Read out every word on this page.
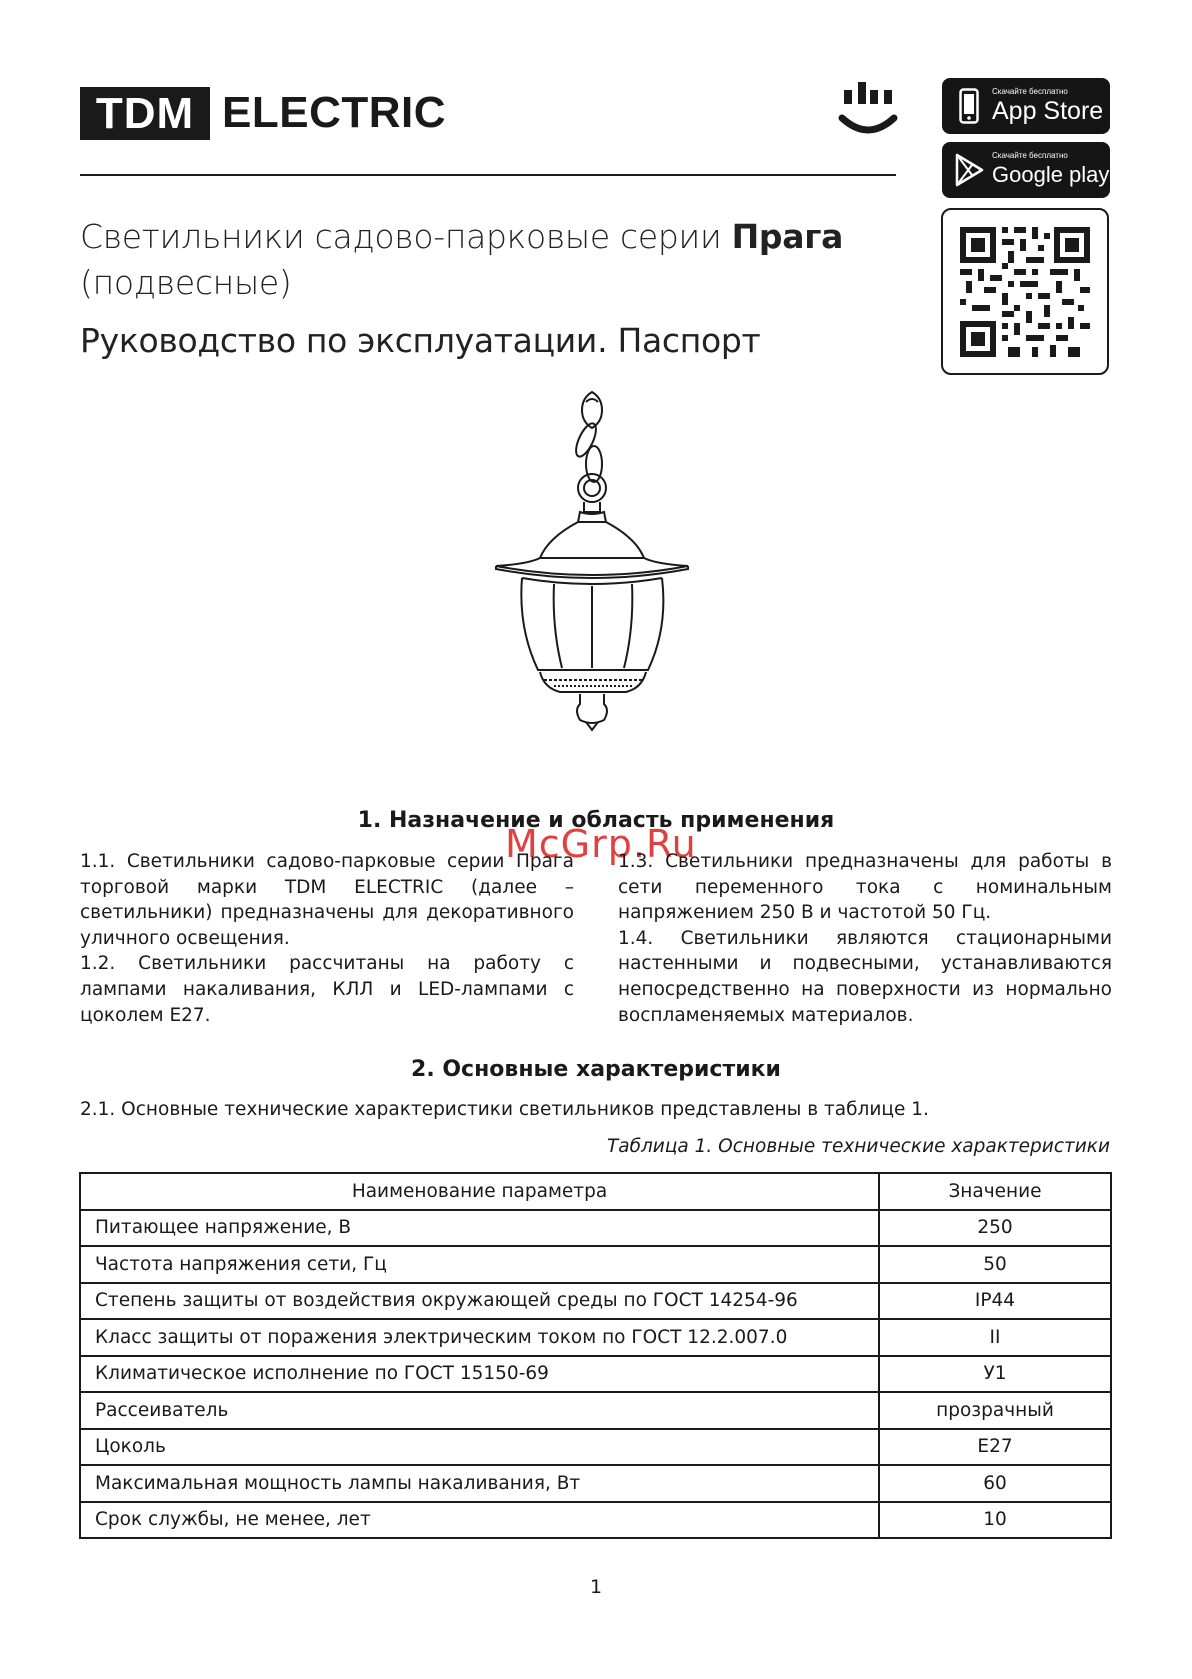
TDM ELECTRIC	Скачайте бесплатно
App Store
Скачайте бесплатно
Google play
Светильники садово-парковые серии Прага
(подвесные)
Руководство по эксплуатации. Паспорт
1. Назначение и область применения
McGrp.Ru

1.1. Светильники садово-парковые серии Прага торговой марки TDM ELECTRIC (далее – светильники) предназначены для декоративного уличного освещения.

1.2. Светильники рассчитаны на работу с лампами накаливания, КЛЛ и LED-лампами с цоколем Е27.

1.3. Светильники предназначены для работы в сети переменного тока с номинальным напряжением 250 В и частотой 50 Гц.

1.4. Светильники являются стационарными настенными и подвесными, устанавливаются непосредственно на поверхности из нормально воспламеняемых материалов.

2. Основные характеристики
2.1. Основные технические характеристики светильников представлены в таблице 1.
Таблица 1. Основные технические характеристики
Наименование параметра	Значение
Питающее напряжение, В	250
Частота напряжения сети, Гц	50
Степень защиты от воздействия окружающей среды по ГОСТ 14254-96	IP44
Класс защиты от поражения электрическим током по ГОСТ 12.2.007.0	II
Климатическое исполнение по ГОСТ 15150-69	У1
Рассеиватель	прозрачный
Цоколь	Е27
Максимальная мощность лампы накаливания, Вт	60
Срок службы, не менее, лет	10
1
